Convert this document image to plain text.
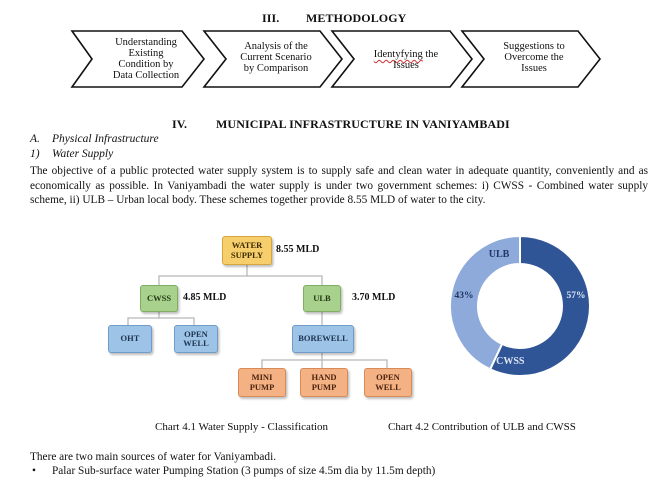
III. METHODOLOGY
Understanding
Existing
Condition by
Data Collection
Analysis of the
Current Scenario
by Comparison
Identyfying the
Issues
Suggestions to
Overcome the
Issues
IV. MUNICIPAL INFRASTRUCTURE IN VANIYAMBADI
A. Physical Infrastructure
1) Water Supply
The objective of a public protected water supply system is to supply safe and clean water in adequate quantity, conveniently and as economically as possible. In Vaniyambadi the water supply is under two government schemes: i) CWSS - Combined water supply scheme, ii) ULB – Urban local body. These schemes together provide 8.55 MLD of water to the city.
WATER
SUPPLY 8.55 MLD
CWSS	4.85 MLD	ULB	3.70 MLD
OHT	OPEN
WELL	BOREWELL
MINI
PUMP
HAND
PUMP
OPEN
WELL
ULB
43%
CWSS
57%
Chart 4.1 Water Supply - Classification	Chart 4.2 Contribution of ULB and CWSS
There are two main sources of water for Vaniyambadi.
• Palar Sub-surface water Pumping Station (3 pumps of size 4.5m dia by 11.5m depth)
